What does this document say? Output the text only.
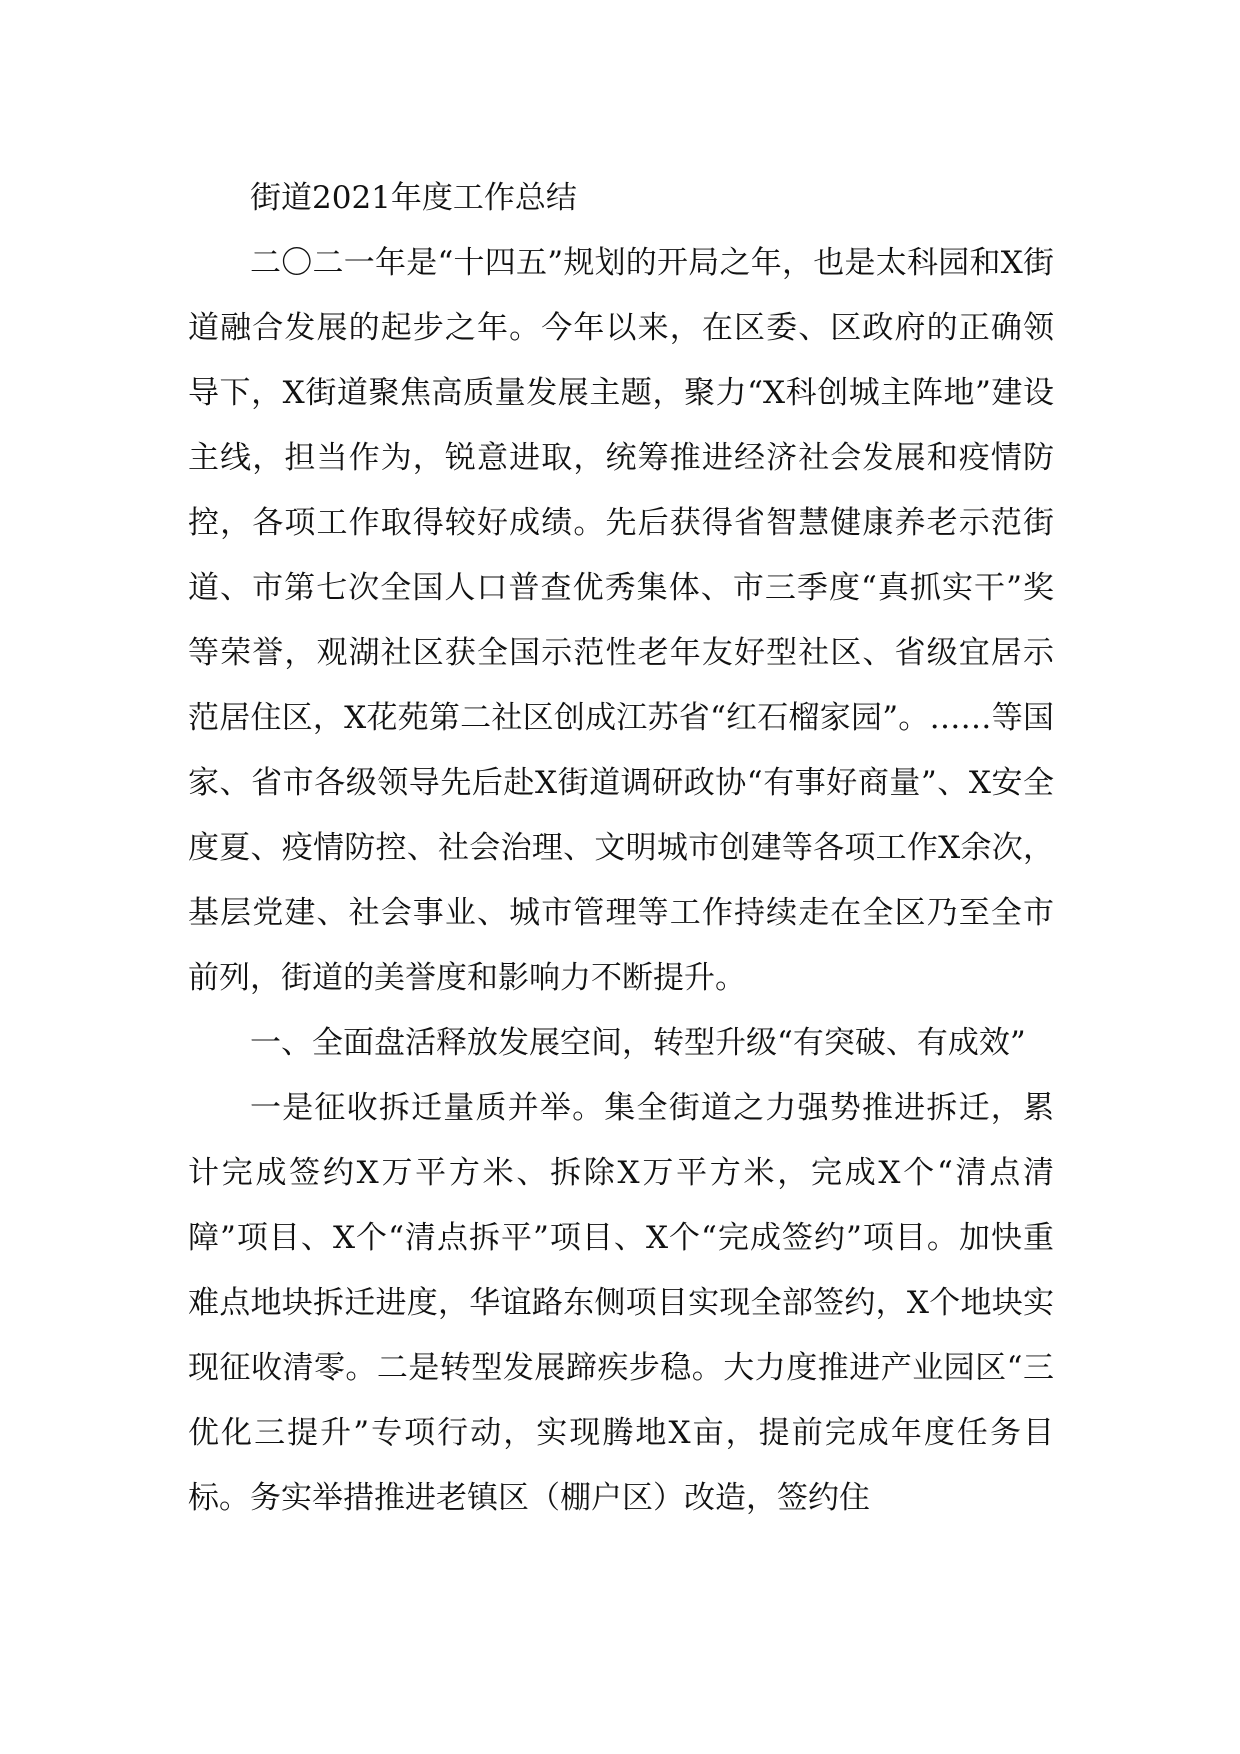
街道2021年度工作总结

二〇二一年是“十四五”规划的开局之年，也是太科园和X街道融合发展的起步之年。今年以来，在区委、区政府的正确领导下，X街道聚焦高质量发展主题，聚力“X科创城主阵地”建设主线，担当作为，锐意进取，统筹推进经济社会发展和疫情防控，各项工作取得较好成绩。先后获得省智慧健康养老示范街道、市第七次全国人口普查优秀集体、市三季度“真抓实干”奖等荣誉，观湖社区获全国示范性老年友好型社区、省级宜居示范居住区，X花苑第二社区创成江苏省“红石榴家园”。……等国家、省市各级领导先后赴X街道调研政协“有事好商量”、X安全度夏、疫情防控、社会治理、文明城市创建等各项工作X余次，基层党建、社会事业、城市管理等工作持续走在全区乃至全市前列，街道的美誉度和影响力不断提升。

一、全面盘活释放发展空间，转型升级“有突破、有成效”

一是征收拆迁量质并举。集全街道之力强势推进拆迁，累计完成签约X万平方米、拆除X万平方米，完成X个“清点清障”项目、X个“清点拆平”项目、X个“完成签约”项目。加快重难点地块拆迁进度，华谊路东侧项目实现全部签约，X个地块实现征收清零。二是转型发展蹄疾步稳。大力度推进产业园区“三优化三提升”专项行动，实现腾地X亩，提前完成年度任务目标。务实举措推进老镇区（棚户区）改造，签约住
